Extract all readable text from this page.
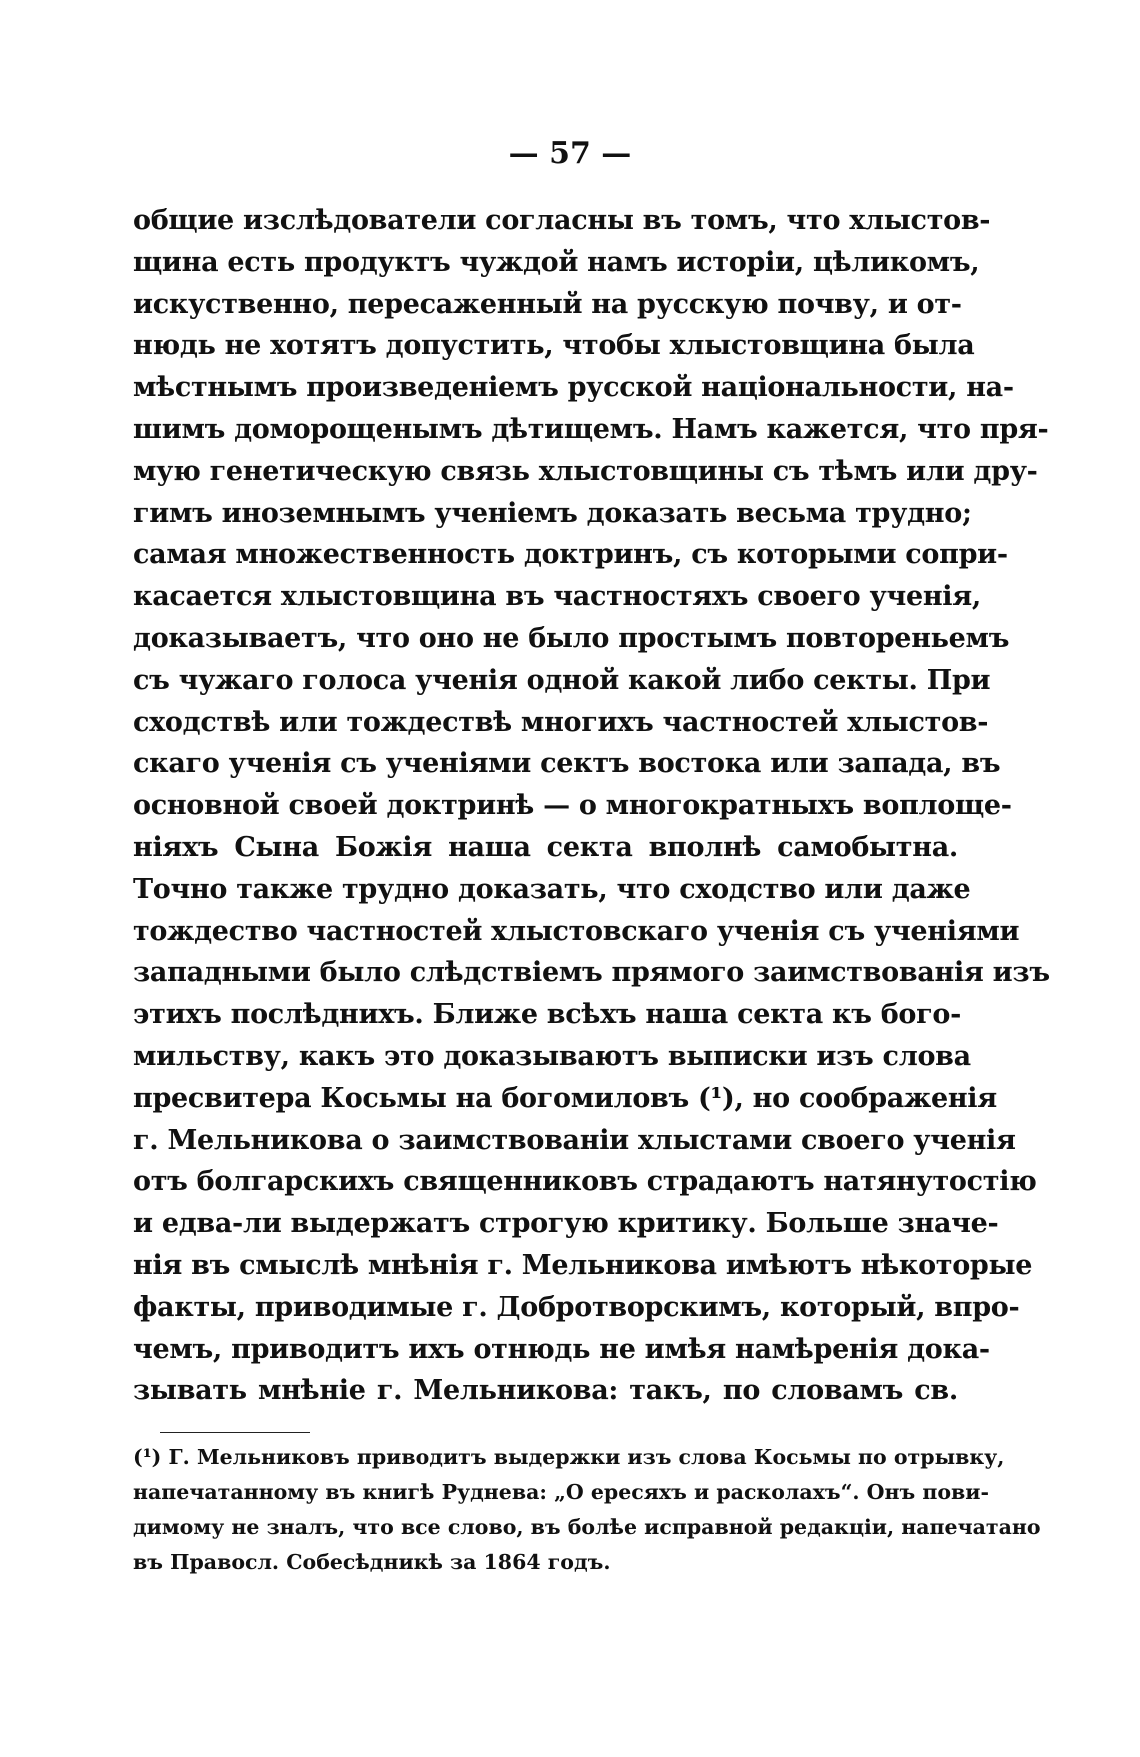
— 57 —
общие изслѣдователи согласны въ томъ, что хлыстов-
щина есть продуктъ чуждой намъ исторіи, цѣликомъ,
искуственно, пересаженный на русскую почву, и от-
нюдь не хотятъ допустить, чтобы хлыстовщина была
мѣстнымъ произведеніемъ русской національности, на-
шимъ доморощенымъ дѣтищемъ. Намъ кажется, что пря-
мую генетическую связь хлыстовщины съ тѣмъ или дру-
гимъ иноземнымъ ученіемъ доказать весьма трудно;
самая множественность доктринъ, съ которыми сопри-
касается хлыстовщина въ частностяхъ своего ученія,
доказываетъ, что оно не было простымъ повтореньемъ
съ чужаго голоса ученія одной какой либо секты. При
сходствѣ или тождествѣ многихъ частностей хлыстов-
скаго ученія съ ученіями сектъ востока или запада, въ
основной своей доктринѣ — о многократныхъ воплоще-
ніяхъ Сына Божія наша секта вполнѣ самобытна.
Точно также трудно доказать, что сходство или даже
тождество частностей хлыстовскаго ученія съ ученіями
западными было слѣдствіемъ прямого заимствованія изъ
этихъ послѣднихъ. Ближе всѣхъ наша секта къ бого-
мильству, какъ это доказываютъ выписки изъ слова
пресвитера Косьмы на богомиловъ (¹), но соображенія
г. Мельникова о заимствованіи хлыстами своего ученія
отъ болгарскихъ священниковъ страдаютъ натянутостію
и едва-ли выдержатъ строгую критику. Больше значе-
нія въ смыслѣ мнѣнія г. Мельникова имѣютъ нѣкоторые
факты, приводимые г. Добротворскимъ, который, впро-
чемъ, приводитъ ихъ отнюдь не имѣя намѣренія дока-
зывать мнѣніе г. Мельникова: такъ, по словамъ св.
(¹) Г. Мельниковъ приводитъ выдержки изъ слова Косьмы по отрывку,
напечатанному въ книгѣ Руднева: „О ересяхъ и расколахъ“. Онъ пови-
димому не зналъ, что все слово, въ болѣе исправной редакціи, напечатано
въ Правосл. Собесѣдникѣ за 1864 годъ.
